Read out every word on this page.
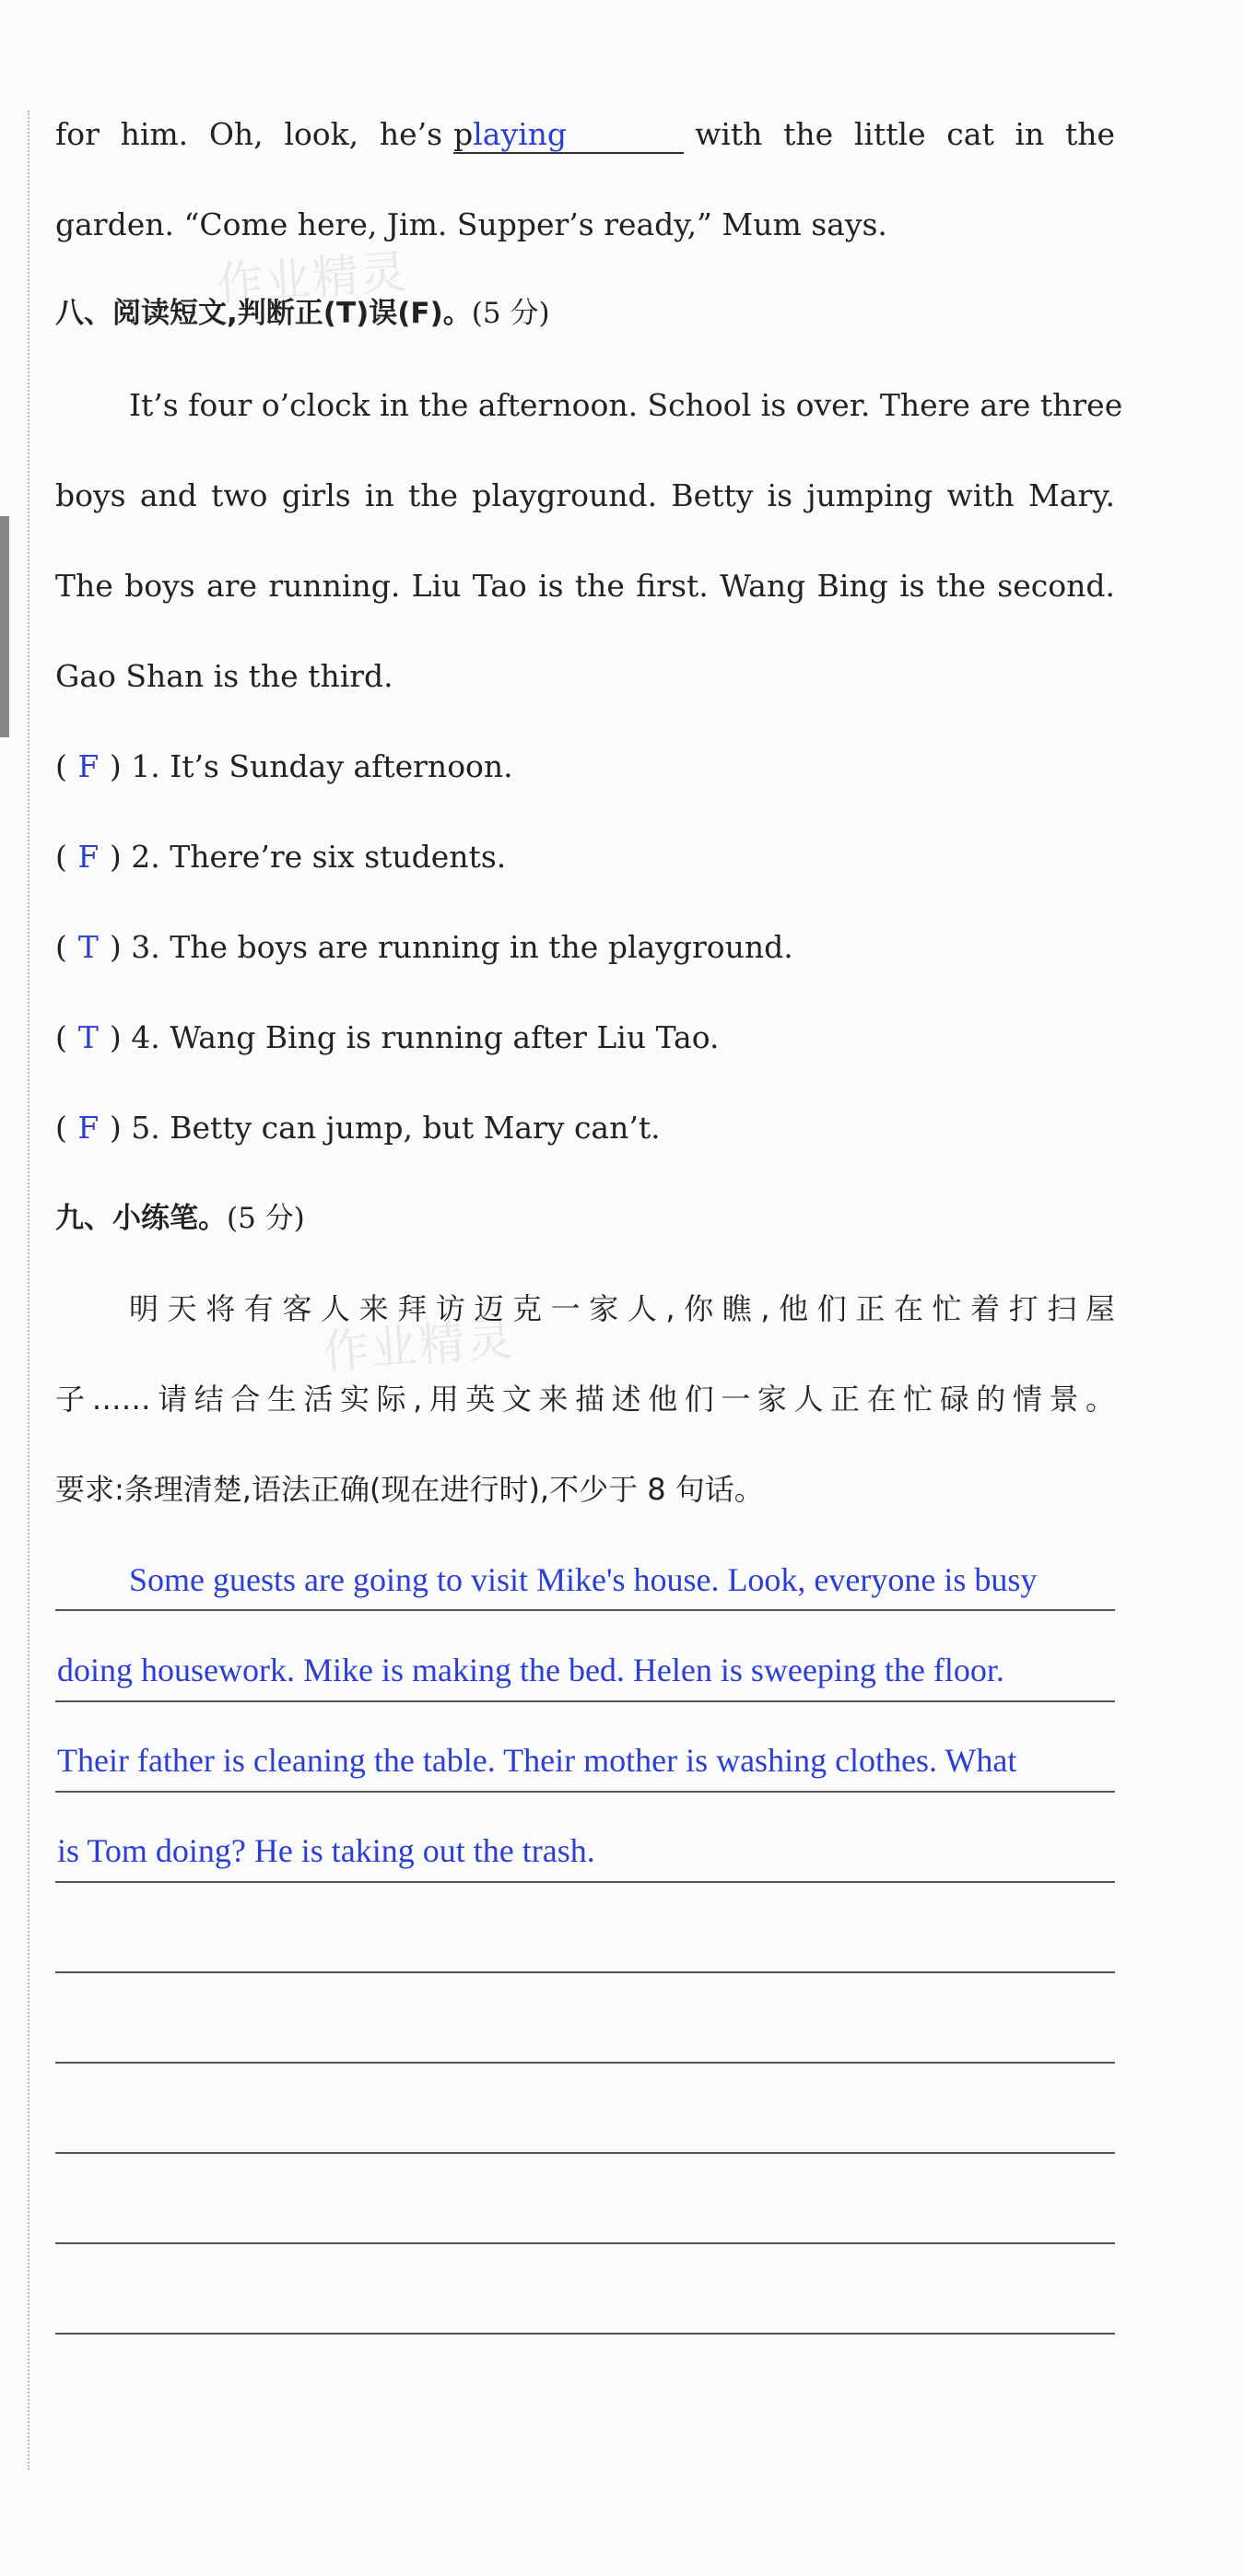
作业精灵
作业精灵
for him. Oh, look, he’s playing	with the little cat in the
garden. “Come here, Jim. Supper’s ready,” Mum says.
八、阅读短文,判断正(T)误(F)。(5 分)
It’s four o’clock in the afternoon. School is over. There are three
boys and two girls in the playground. Betty is jumping with Mary.
The boys are running. Liu Tao is the first. Wang Bing is the second.
Gao Shan is the third.
( F ) 1. It’s Sunday afternoon.
( F ) 2. There’re six students.
( T ) 3. The boys are running in the playground.
( T ) 4. Wang Bing is running after Liu Tao.
( F ) 5. Betty can jump, but Mary can’t.
九、小练笔。(5 分)
明天将有客人来拜访迈克一家人,你瞧,他们正在忙着打扫屋
子……请结合生活实际,用英文来描述他们一家人正在忙碌的情景。
要求:条理清楚,语法正确(现在进行时),不少于 8 句话。
Some guests are going to visit Mike's house. Look, everyone is busy
doing housework. Mike is making the bed. Helen is sweeping the floor.
Their father is cleaning the table. Their mother is washing clothes. What
is Tom doing? He is taking out the trash.
